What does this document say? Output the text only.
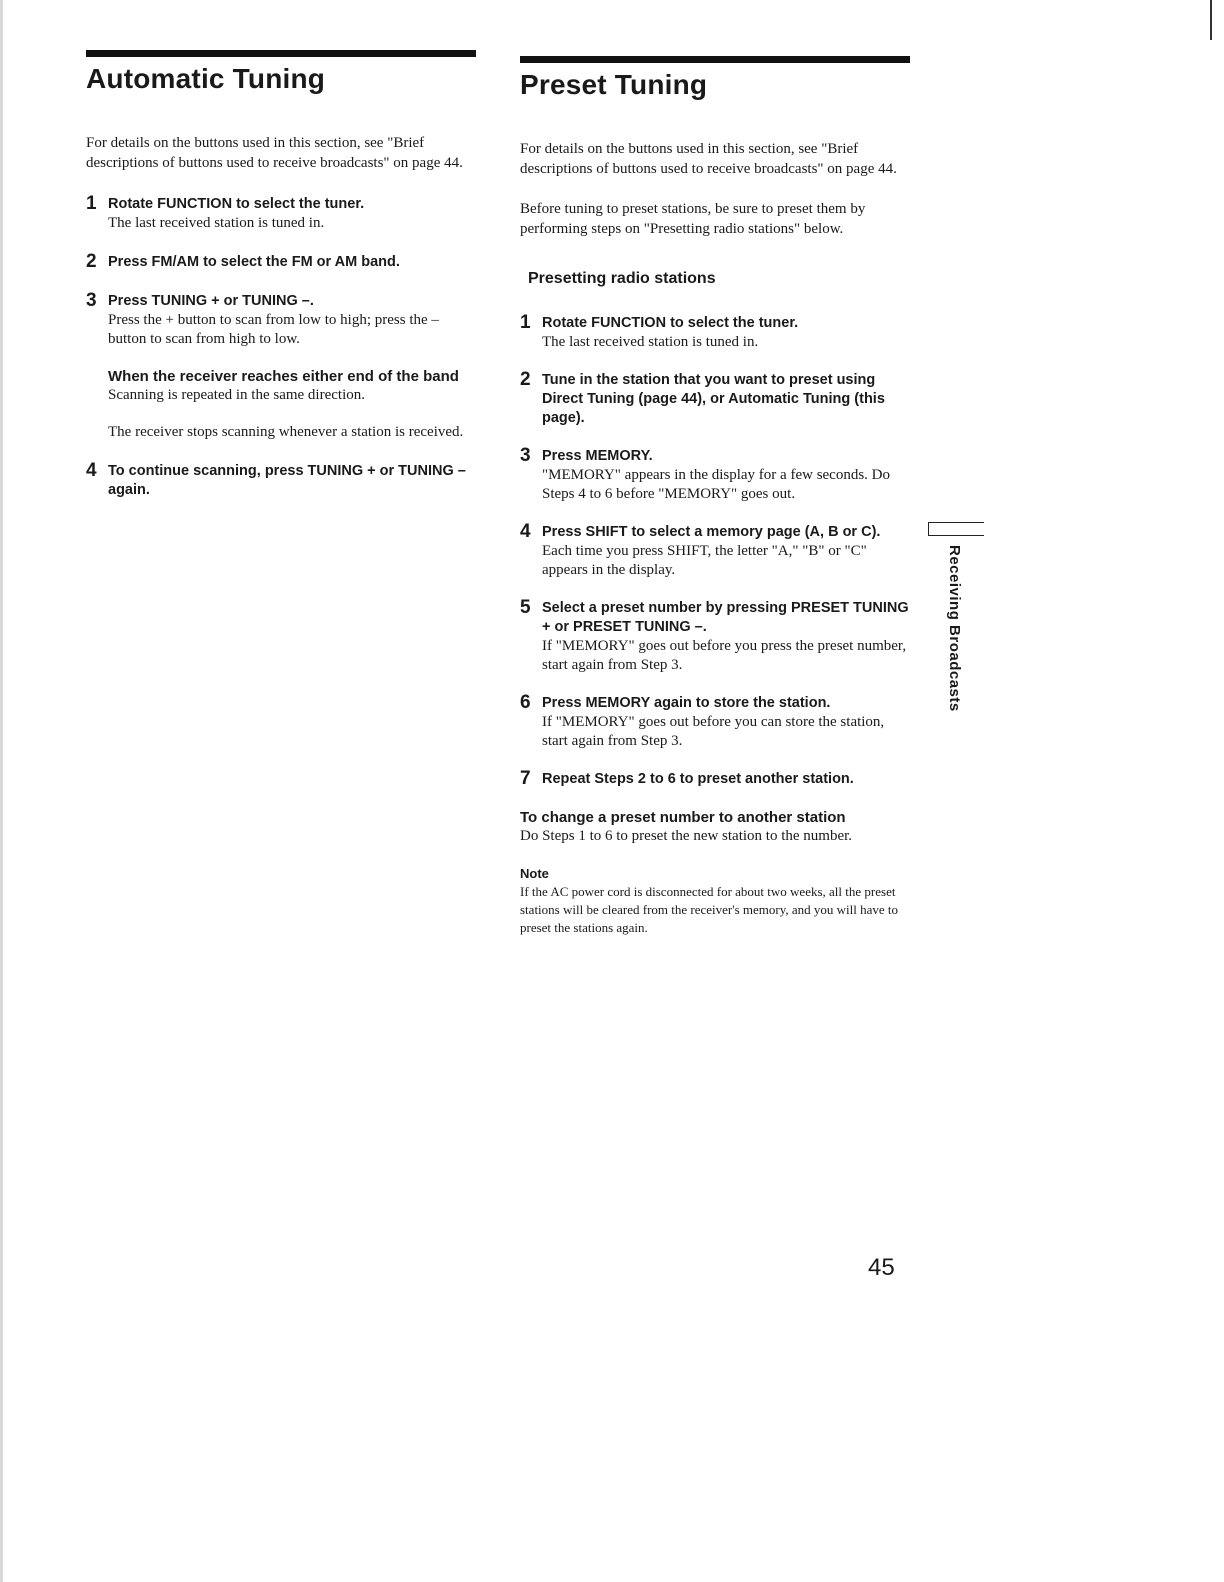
Automatic Tuning

For details on the buttons used in this section, see "Brief descriptions of buttons used to receive broadcasts" on page 44.

1 Rotate FUNCTION to select the tuner.
The last received station is tuned in.
2 Press FM/AM to select the FM or AM band.
3 Press TUNING + or TUNING –.
Press the + button to scan from low to high; press the – button to scan from high to low.
When the receiver reaches either end of the band
Scanning is repeated in the same direction.
The receiver stops scanning whenever a station is received.
4 To continue scanning, press TUNING + or TUNING – again.
Preset Tuning

For details on the buttons used in this section, see "Brief descriptions of buttons used to receive broadcasts" on page 44.

Before tuning to preset stations, be sure to preset them by performing steps on "Presetting radio stations" below.

Presetting radio stations
1 Rotate FUNCTION to select the tuner.
The last received station is tuned in.
2 Tune in the station that you want to preset using Direct Tuning (page 44), or Automatic Tuning (this page).
3 Press MEMORY.
"MEMORY" appears in the display for a few seconds. Do Steps 4 to 6 before "MEMORY" goes out.
4 Press SHIFT to select a memory page (A, B or C).
Each time you press SHIFT, the letter "A," "B" or "C" appears in the display.
5 Select a preset number by pressing PRESET TUNING + or PRESET TUNING –.
If "MEMORY" goes out before you press the preset number, start again from Step 3.
6 Press MEMORY again to store the station.
If "MEMORY" goes out before you can store the station, start again from Step 3.
7 Repeat Steps 2 to 6 to preset another station.
To change a preset number to another station
Do Steps 1 to 6 to preset the new station to the number.
Note
If the AC power cord is disconnected for about two weeks, all the preset stations will be cleared from the receiver's memory, and you will have to preset the stations again.
Receiving Broadcasts
45
